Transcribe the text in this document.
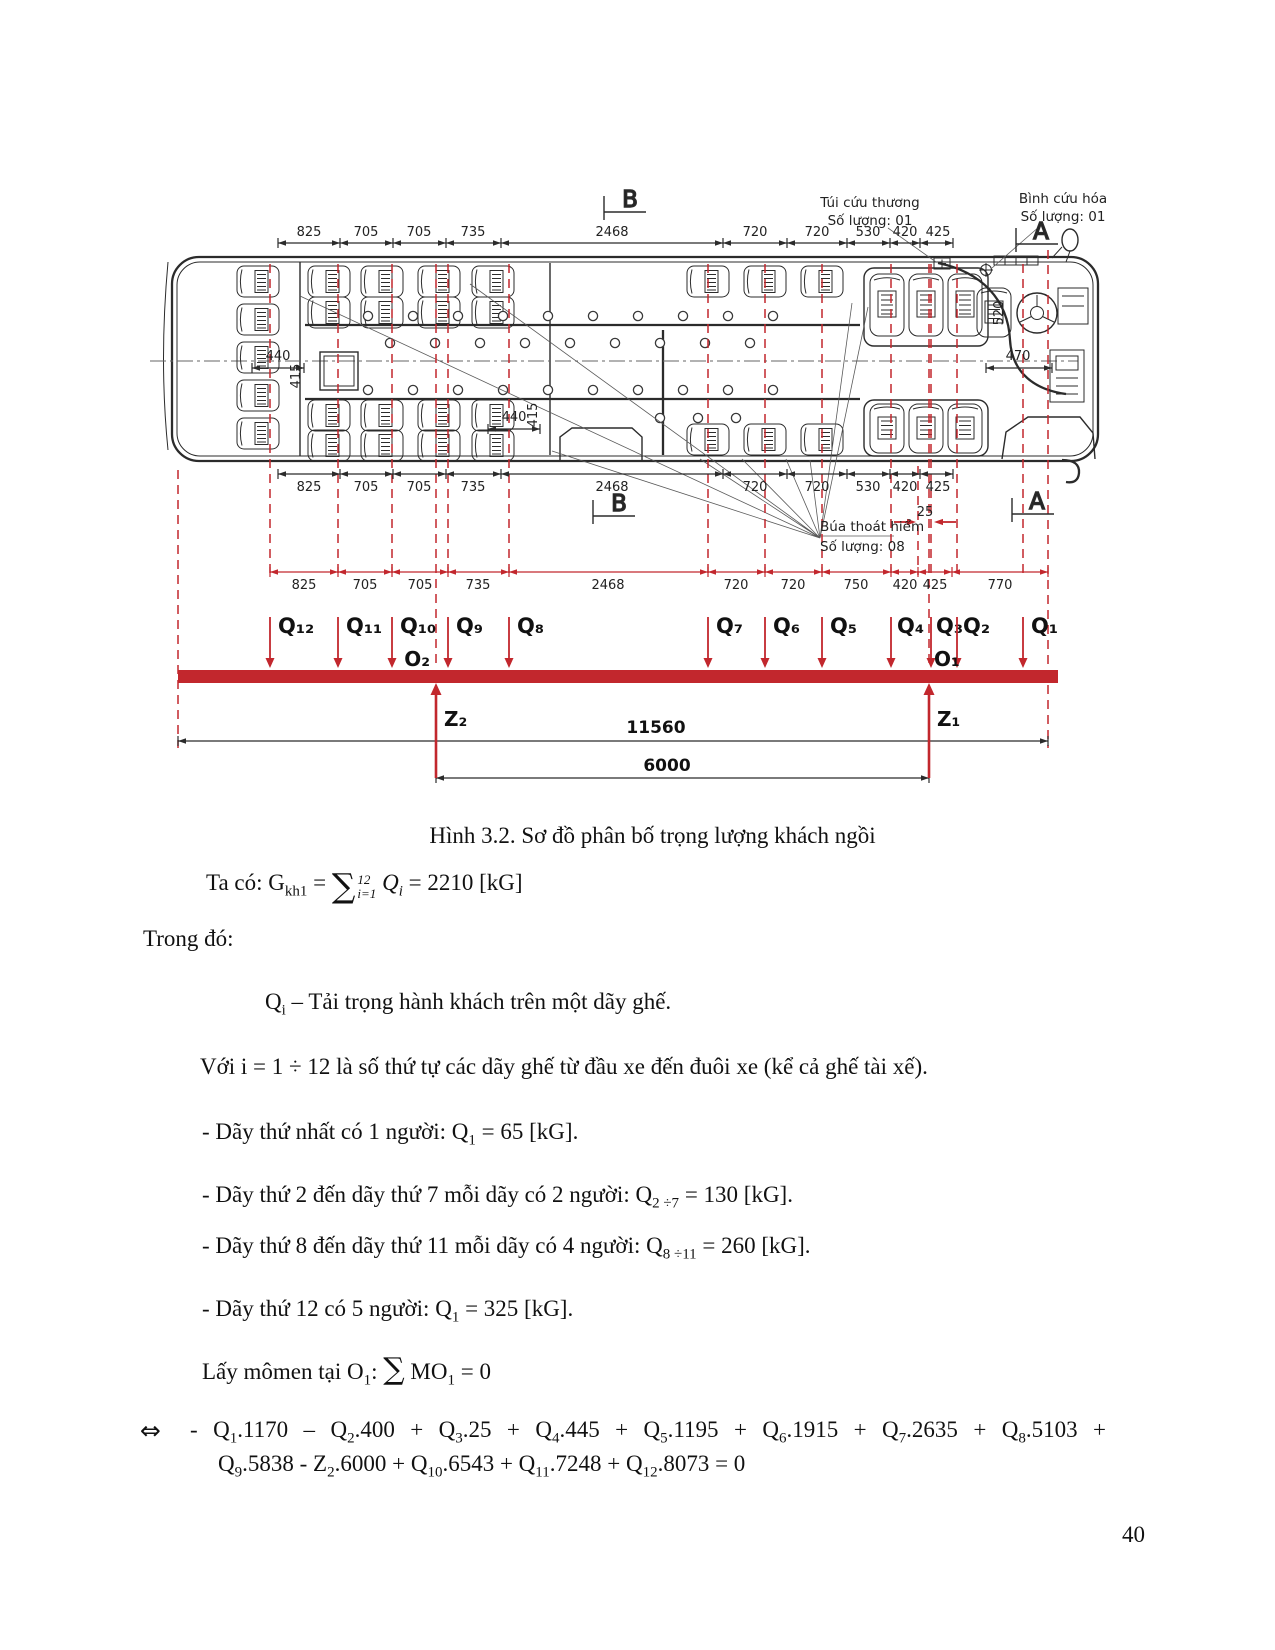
825 705 705 735	2468	720	720 530 420 425
825 705 705 735	2468	720	720 530 420 425
825	705 705	735	2468	720 720	750 420 425	770
440
415
440 415
520
470
25
Túi cứu thương
Số lượng: 01
Bình cứu hóa
Số lượng: 01
Búa thoát hiểm
Số lượng: 08
B
B
A
A
Q₁₂ Q₁₁ Q₁₀ Q₉ Q₈	Q₇ Q₆ Q₅ Q₄ Q₃ Q₂ Q₁
O₂	O₁
Z₂	Z₁
11560
6000
Hình 3.2. Sơ đồ phân bố trọng lượng khách ngồi
Ta có: $G_{kh1}$ = ∑ 12
i=1 $Q_i = 2210$ [kG]
Trong đó:
$Q_i$ – Tải trọng hành khách trên một dãy ghế.
Với i = 1 ÷ 12 là số thứ tự các dãy ghế từ đầu xe đến đuôi xe (kể cả ghế tài xế).
- Dãy thứ nhất có 1 người: $Q_1 = 65$ [kG].
- Dãy thứ 2 đến dãy thứ 7 mỗi dãy có 2 người: $Q_{2 \div 7} = 130$ [kG].
- Dãy thứ 8 đến dãy thứ 11 mỗi dãy có 4 người: $Q_{8 \div 11} = 260$ [kG].
- Dãy thứ 12 có 5 người: $Q_1 = 325$ [kG].
Lấy mômen tại $O_1$: ∑ $MO_1 = 0$
⇔ - $Q_1.1170 - Q_2.400 + Q_3.25 + Q_4.445 + Q_5.1195 + Q_6.1915 + Q_7.2635 + Q_8.5103$ +
$Q_9.5838 - Z_2.6000 + Q_{10}.6543 + Q_{11}.7248 + Q_{12}.8073 = 0$
40
